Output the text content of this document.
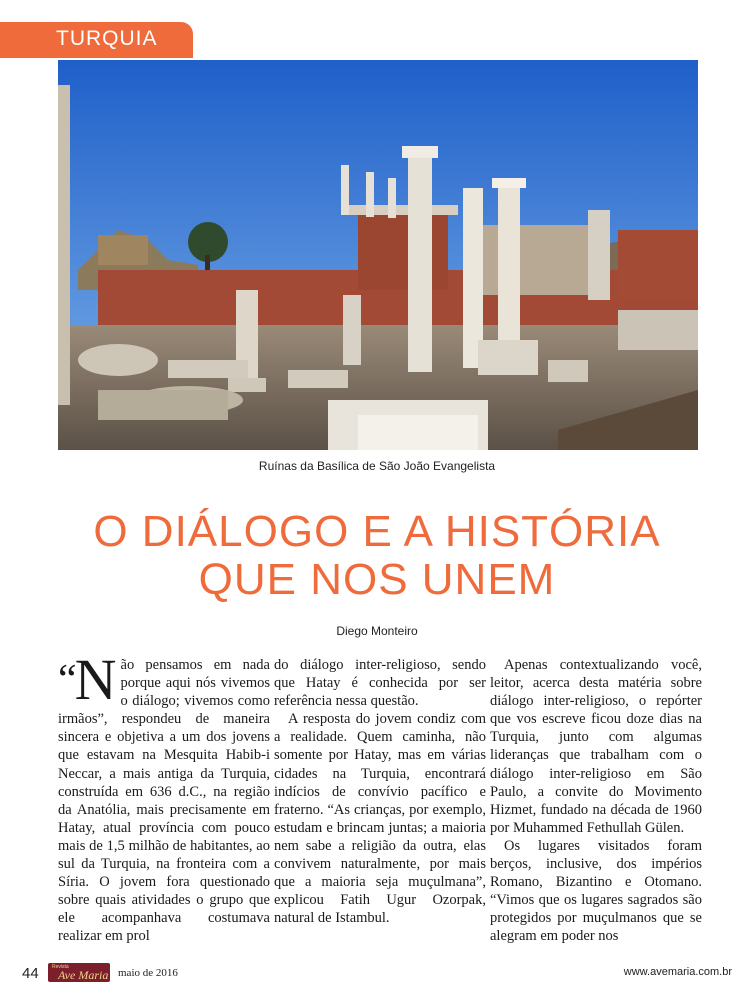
TURQUIA
Ruínas da Basílica de São João Evangelista
O DIÁLOGO E A HISTÓRIA
QUE NOS UNEM
Diego Monteiro
“N ão pensamos em nada porque aqui nós vivemos o diálogo; vivemos como irmãos”, respondeu de maneira sincera e objetiva a um dos jovens que estavam na Mesquita Habib-i Neccar, a mais antiga da Turquia, construída em 636 d.C., na região da Anatólia, mais precisamente em Hatay, atual província com pouco mais de 1,5 milhão de habitantes, ao sul da Turquia, na fronteira com a Síria. O jovem fora questionado sobre quais atividades o grupo que ele acompanhava costumava realizar em prol

do diálogo inter-religioso, sendo que Hatay é conhecida por ser referência nessa questão.

A resposta do jovem condiz com a realidade. Quem caminha, não somente por Hatay, mas em várias cidades na Turquia, encontrará indícios de convívio pacífico e fraterno. “As crianças, por exemplo, estudam e brincam juntas; a maioria nem sabe a religião da outra, elas convivem naturalmente, por mais que a maioria seja muçulmana”, explicou Fatih Ugur Ozorpak, natural de Istambul.

Apenas contextualizando você, leitor, acerca desta matéria sobre diálogo inter-religioso, o repórter que vos escreve ficou doze dias na Turquia, junto com algumas lideranças que trabalham com o diálogo inter-religioso em São Paulo, a convite do Movimento Hizmet, fundado na década de 1960 por Muhammed Fethullah Gülen.

Os lugares visitados foram berços, inclusive, dos impérios Romano, Bizantino e Otomano. “Vimos que os lugares sagrados são protegidos por muçulmanos que se alegram em poder nos

44	Revista
Ave Maria maio de 2016	www.avemaria.com.br
